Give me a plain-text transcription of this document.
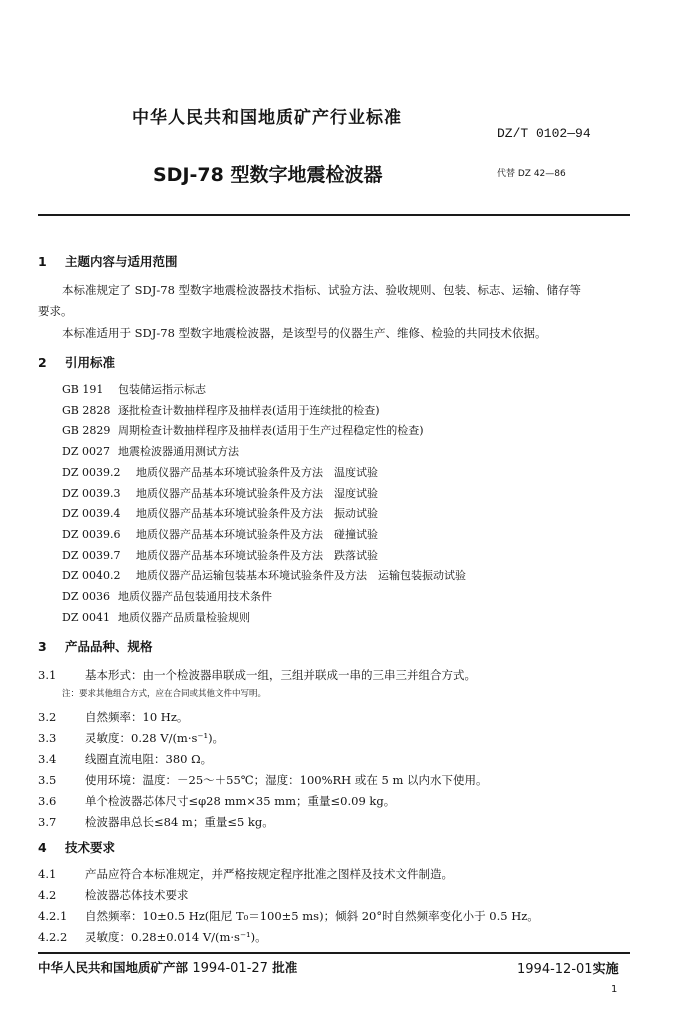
中华人民共和国地质矿产行业标准
DZ/T 0102—94
SDJ-78 型数字地震检波器	代替 DZ 42—86
1 主题内容与适用范围
本标准规定了 SDJ-78 型数字地震检波器技术指标、试验方法、验收规则、包装、标志、运输、储存等
要求。
本标准适用于 SDJ-78 型数字地震检波器，是该型号的仪器生产、维修、检验的共同技术依据。
2 引用标准
GB 191 包装储运指示标志
GB 2828 逐批检查计数抽样程序及抽样表(适用于连续批的检查)
GB 2829 周期检查计数抽样程序及抽样表(适用于生产过程稳定性的检查)
DZ 0027 地震检波器通用测试方法
DZ 0039.2 地质仪器产品基本环境试验条件及方法　温度试验
DZ 0039.3 地质仪器产品基本环境试验条件及方法　湿度试验
DZ 0039.4 地质仪器产品基本环境试验条件及方法　振动试验
DZ 0039.6 地质仪器产品基本环境试验条件及方法　碰撞试验
DZ 0039.7 地质仪器产品基本环境试验条件及方法　跌落试验
DZ 0040.2 地质仪器产品运输包装基本环境试验条件及方法　运输包装振动试验
DZ 0036 地质仪器产品包装通用技术条件
DZ 0041 地质仪器产品质量检验规则
3 产品品种、规格
3.1 基本形式：由一个检波器串联成一组，三组并联成一串的三串三并组合方式。
3.2 自然频率：10 Hz。
3.3 灵敏度：0.28 V/(m·s⁻¹)。
3.4 线圈直流电阻：380 Ω。
3.5 使用环境：温度：－25～＋55℃；湿度：100%RH 或在 5 m 以内水下使用。
3.6 单个检波器芯体尺寸≤φ28 mm×35 mm；重量≤0.09 kg。
3.7 检波器串总长≤84 m；重量≤5 kg。
注：要求其他组合方式，应在合同或其他文件中写明。
4 技术要求
4.1 产品应符合本标准规定，并严格按规定程序批准之图样及技术文件制造。
4.2 检波器芯体技术要求
4.2.1 自然频率：10±0.5 Hz(阻尼 T₀＝100±5 ms)；倾斜 20°时自然频率变化小于 0.5 Hz。
4.2.2 灵敏度：0.28±0.014 V/(m·s⁻¹)。
中华人民共和国地质矿产部 1994-01-27 批准	1994-12-01实施
1
